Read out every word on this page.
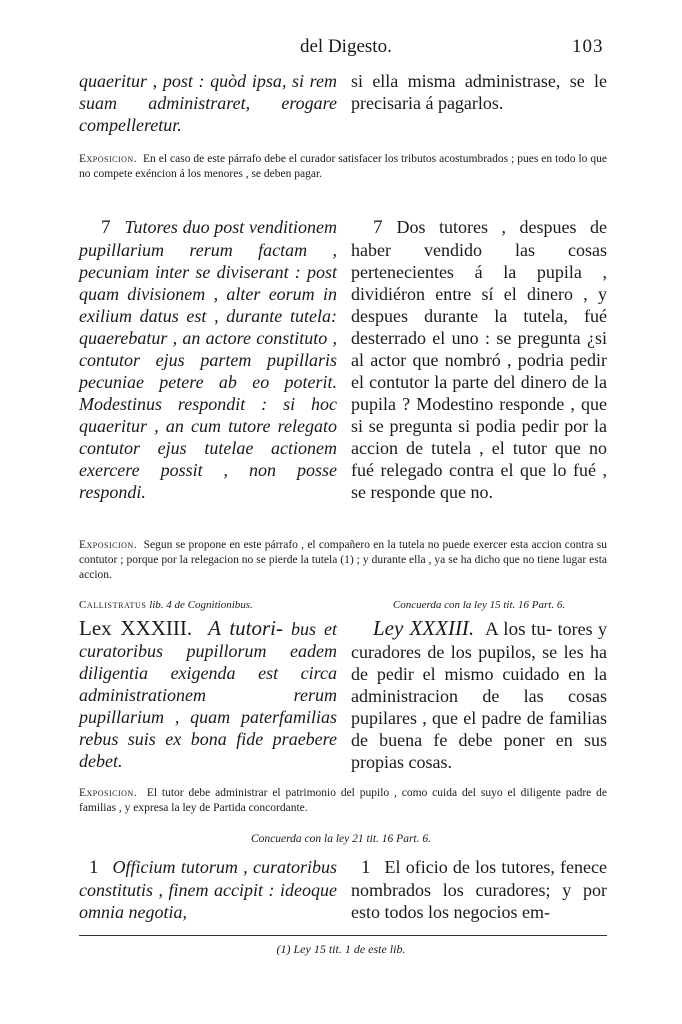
del Digesto.	103

quaeritur , post : quòd ipsa, si rem suam administraret, erogare compelleretur.

si ella misma administrase, se le precisaria á pagarlos.

Exposicion. En el caso de este párrafo debe el curador satisfacer los tributos acostumbrados ; pues en todo lo que no compete exéncion á los menores , se deben pagar.

7 Tutores duo post venditionem pupillarium rerum factam , pecuniam inter se diviserant : post quam divisionem , alter eorum in exilium datus est , durante tutela: quaerebatur , an actore constituto , contutor ejus partem pupillaris pecuniae petere ab eo poterit. Modestinus respondit : si hoc quaeritur , an cum tutore relegato contutor ejus tutelae actionem exercere possit , non posse respondi.

7 Dos tutores , despues de haber vendido las cosas pertenecientes á la pupila , dividiéron entre sí el dinero , y despues durante la tutela, fué desterrado el uno : se pregunta ¿si al actor que nombró , podria pedir el contutor la parte del dinero de la pupila ? Modestino responde , que si se pregunta si podia pedir por la accion de tutela , el tutor que no fué relegado contra el que lo fué , se responde que no.

Exposicion. Segun se propone en este párrafo , el compañero en la tutela no puede exercer esta accion contra su contutor ; porque por la relegacion no se pierde la tutela (1) ; y durante ella , ya se ha dicho que no tiene lugar esta accion.

Callistratus lib. 4 de Cognitionibus.

Lex XXXIII. A tutori- bus et curatoribus pupillorum eadem diligentia exigenda est circa administrationem rerum pupillarium , quam paterfamilias rebus suis ex bona fide praebere debet.

Concuerda con la ley 15 tit. 16 Part. 6.

Ley XXXIII. A los tu- tores y curadores de los pupilos, se les ha de pedir el mismo cuidado en la administracion de las cosas pupilares , que el padre de familias de buena fe debe poner en sus propias cosas.

Exposicion. El tutor debe administrar el patrimonio del pupilo , como cuida del suyo el diligente padre de familias , y expresa la ley de Partida concordante.

Concuerda con la ley 21 tit. 16 Part. 6.

1 Officium tutorum , curatoribus constitutis , finem accipit : ideoque omnia negotia,

1 El oficio de los tutores, fenece nombrados los curadores; y por esto todos los negocios em-

(1) Ley 15 tit. 1 de este lib.
